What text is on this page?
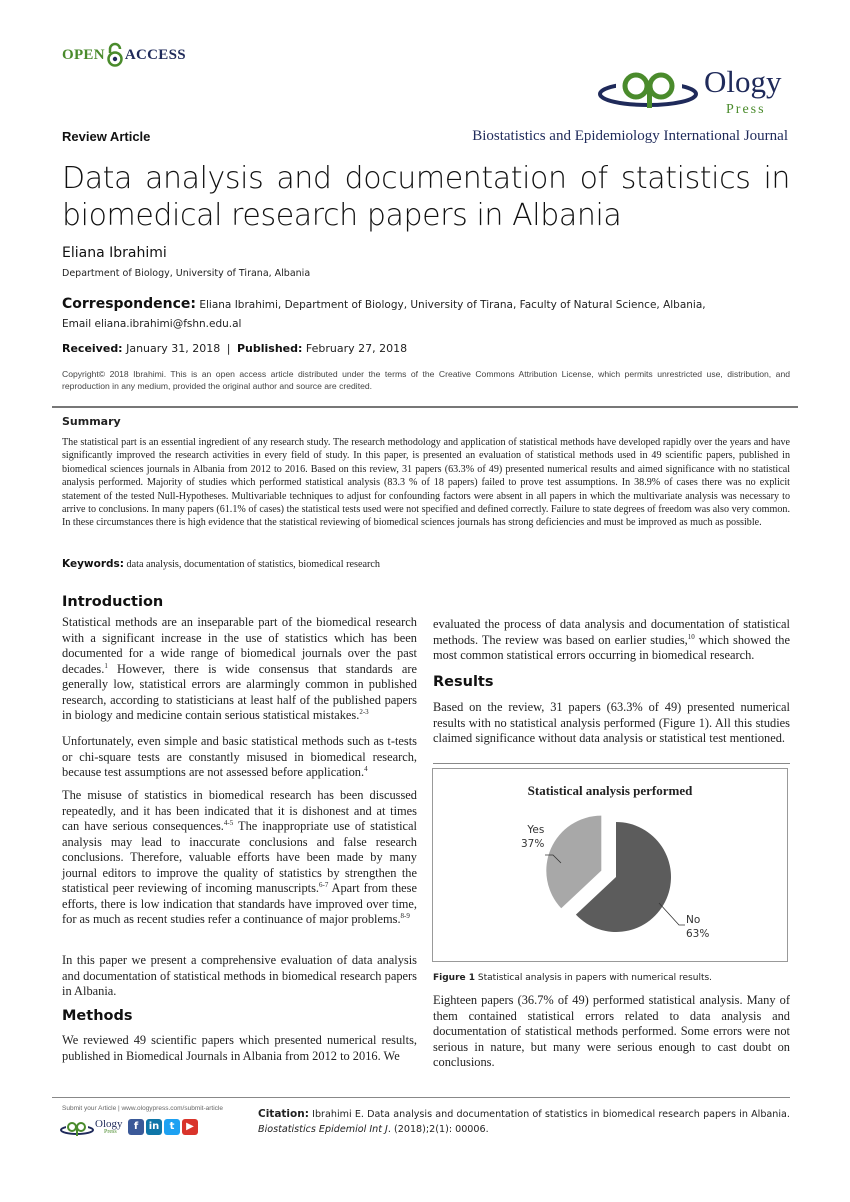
OPEN ACCESS
Ology
Press
Review Article	Biostatistics and Epidemiology International Journal
Data analysis and documentation of statistics in biomedical research papers in Albania
Eliana Ibrahimi
Department of Biology, University of Tirana, Albania
Correspondence: Eliana Ibrahimi, Department of Biology, University of Tirana, Faculty of Natural Science, Albania,
Email eliana.ibrahimi@fshn.edu.al
Received: January 31, 2018 | Published: February 27, 2018
Copyright© 2018 Ibrahimi. This is an open access article distributed under the terms of the Creative Commons Attribution License, which permits unrestricted use, distribution, and reproduction in any medium, provided the original author and source are credited.
Summary
The statistical part is an essential ingredient of any research study. The research methodology and application of statistical methods have developed rapidly over the years and have significantly improved the research activities in every field of study. In this paper, is presented an evaluation of statistical methods used in 49 scientific papers, published in biomedical sciences journals in Albania from 2012 to 2016. Based on this review, 31 papers (63.3% of 49) presented numerical results and aimed significance with no statistical analysis performed. Majority of studies which performed statistical analysis (83.3 % of 18 papers) failed to prove test assumptions. In 38.9% of cases there was no explicit statement of the tested Null-Hypotheses. Multivariable techniques to adjust for confounding factors were absent in all papers in which the multivariate analysis was necessary to arrive to conclusions. In many papers (61.1% of cases) the statistical tests used were not specified and defined correctly. Failure to state degrees of freedom was also very common. In these circumstances there is high evidence that the statistical reviewing of biomedical sciences journals has strong deficiencies and must be improved as much as possible.
Keywords: data analysis, documentation of statistics, biomedical research
Introduction
Statistical methods are an inseparable part of the biomedical research with a significant increase in the use of statistics which has been documented for a wide range of biomedical journals over the past decades.$^1$ However, there is wide consensus that standards are generally low, statistical errors are alarmingly common in published research, according to statisticians at least half of the published papers in biology and medicine contain serious statistical mistakes.$^{2-3}$
Unfortunately, even simple and basic statistical methods such as t-tests or chi-square tests are constantly misused in biomedical research, because test assumptions are not assessed before application.$^4$
The misuse of statistics in biomedical research has been discussed repeatedly, and it has been indicated that it is dishonest and at times can have serious consequences.$^{4-5}$ The inappropriate use of statistical analysis may lead to inaccurate conclusions and false research conclusions. Therefore, valuable efforts have been made by many journal editors to improve the quality of statistics by strengthen the statistical peer reviewing of incoming manuscripts.$^{6-7}$ Apart from these efforts, there is low indication that standards have improved over time, for as much as recent studies refer a continuance of major problems.$^{8-9}$
In this paper we present a comprehensive evaluation of data analysis and documentation of statistical methods in biomedical research papers in Albania.
Methods
We reviewed 49 scientific papers which presented numerical results, published in Biomedical Journals in Albania from 2012 to 2016. We
evaluated the process of data analysis and documentation of statistical methods. The review was based on earlier studies,$^{10}$ which showed the most common statistical errors occurring in biomedical research.
Results
Based on the review, 31 papers (63.3% of 49) presented numerical results with no statistical analysis performed (Figure 1). All this studies claimed significance without data analysis or statistical test mentioned.
Statistical analysis performed
Yes
37%
No
63%
Figure 1 Statistical analysis in papers with numerical results.
Eighteen papers (36.7% of 49) performed statistical analysis. Many of them contained statistical errors related to data analysis and documentation of statistical methods performed. Some errors were not serious in nature, but many were serious enough to cast doubt on conclusions.
Submit your Article | www.ologypress.com/submit-article
Ology
Press	f	in	t	▶
Citation: Ibrahimi E. Data analysis and documentation of statistics in biomedical research papers in Albania. Biostatistics Epidemiol Int J. (2018);2(1): 00006.
